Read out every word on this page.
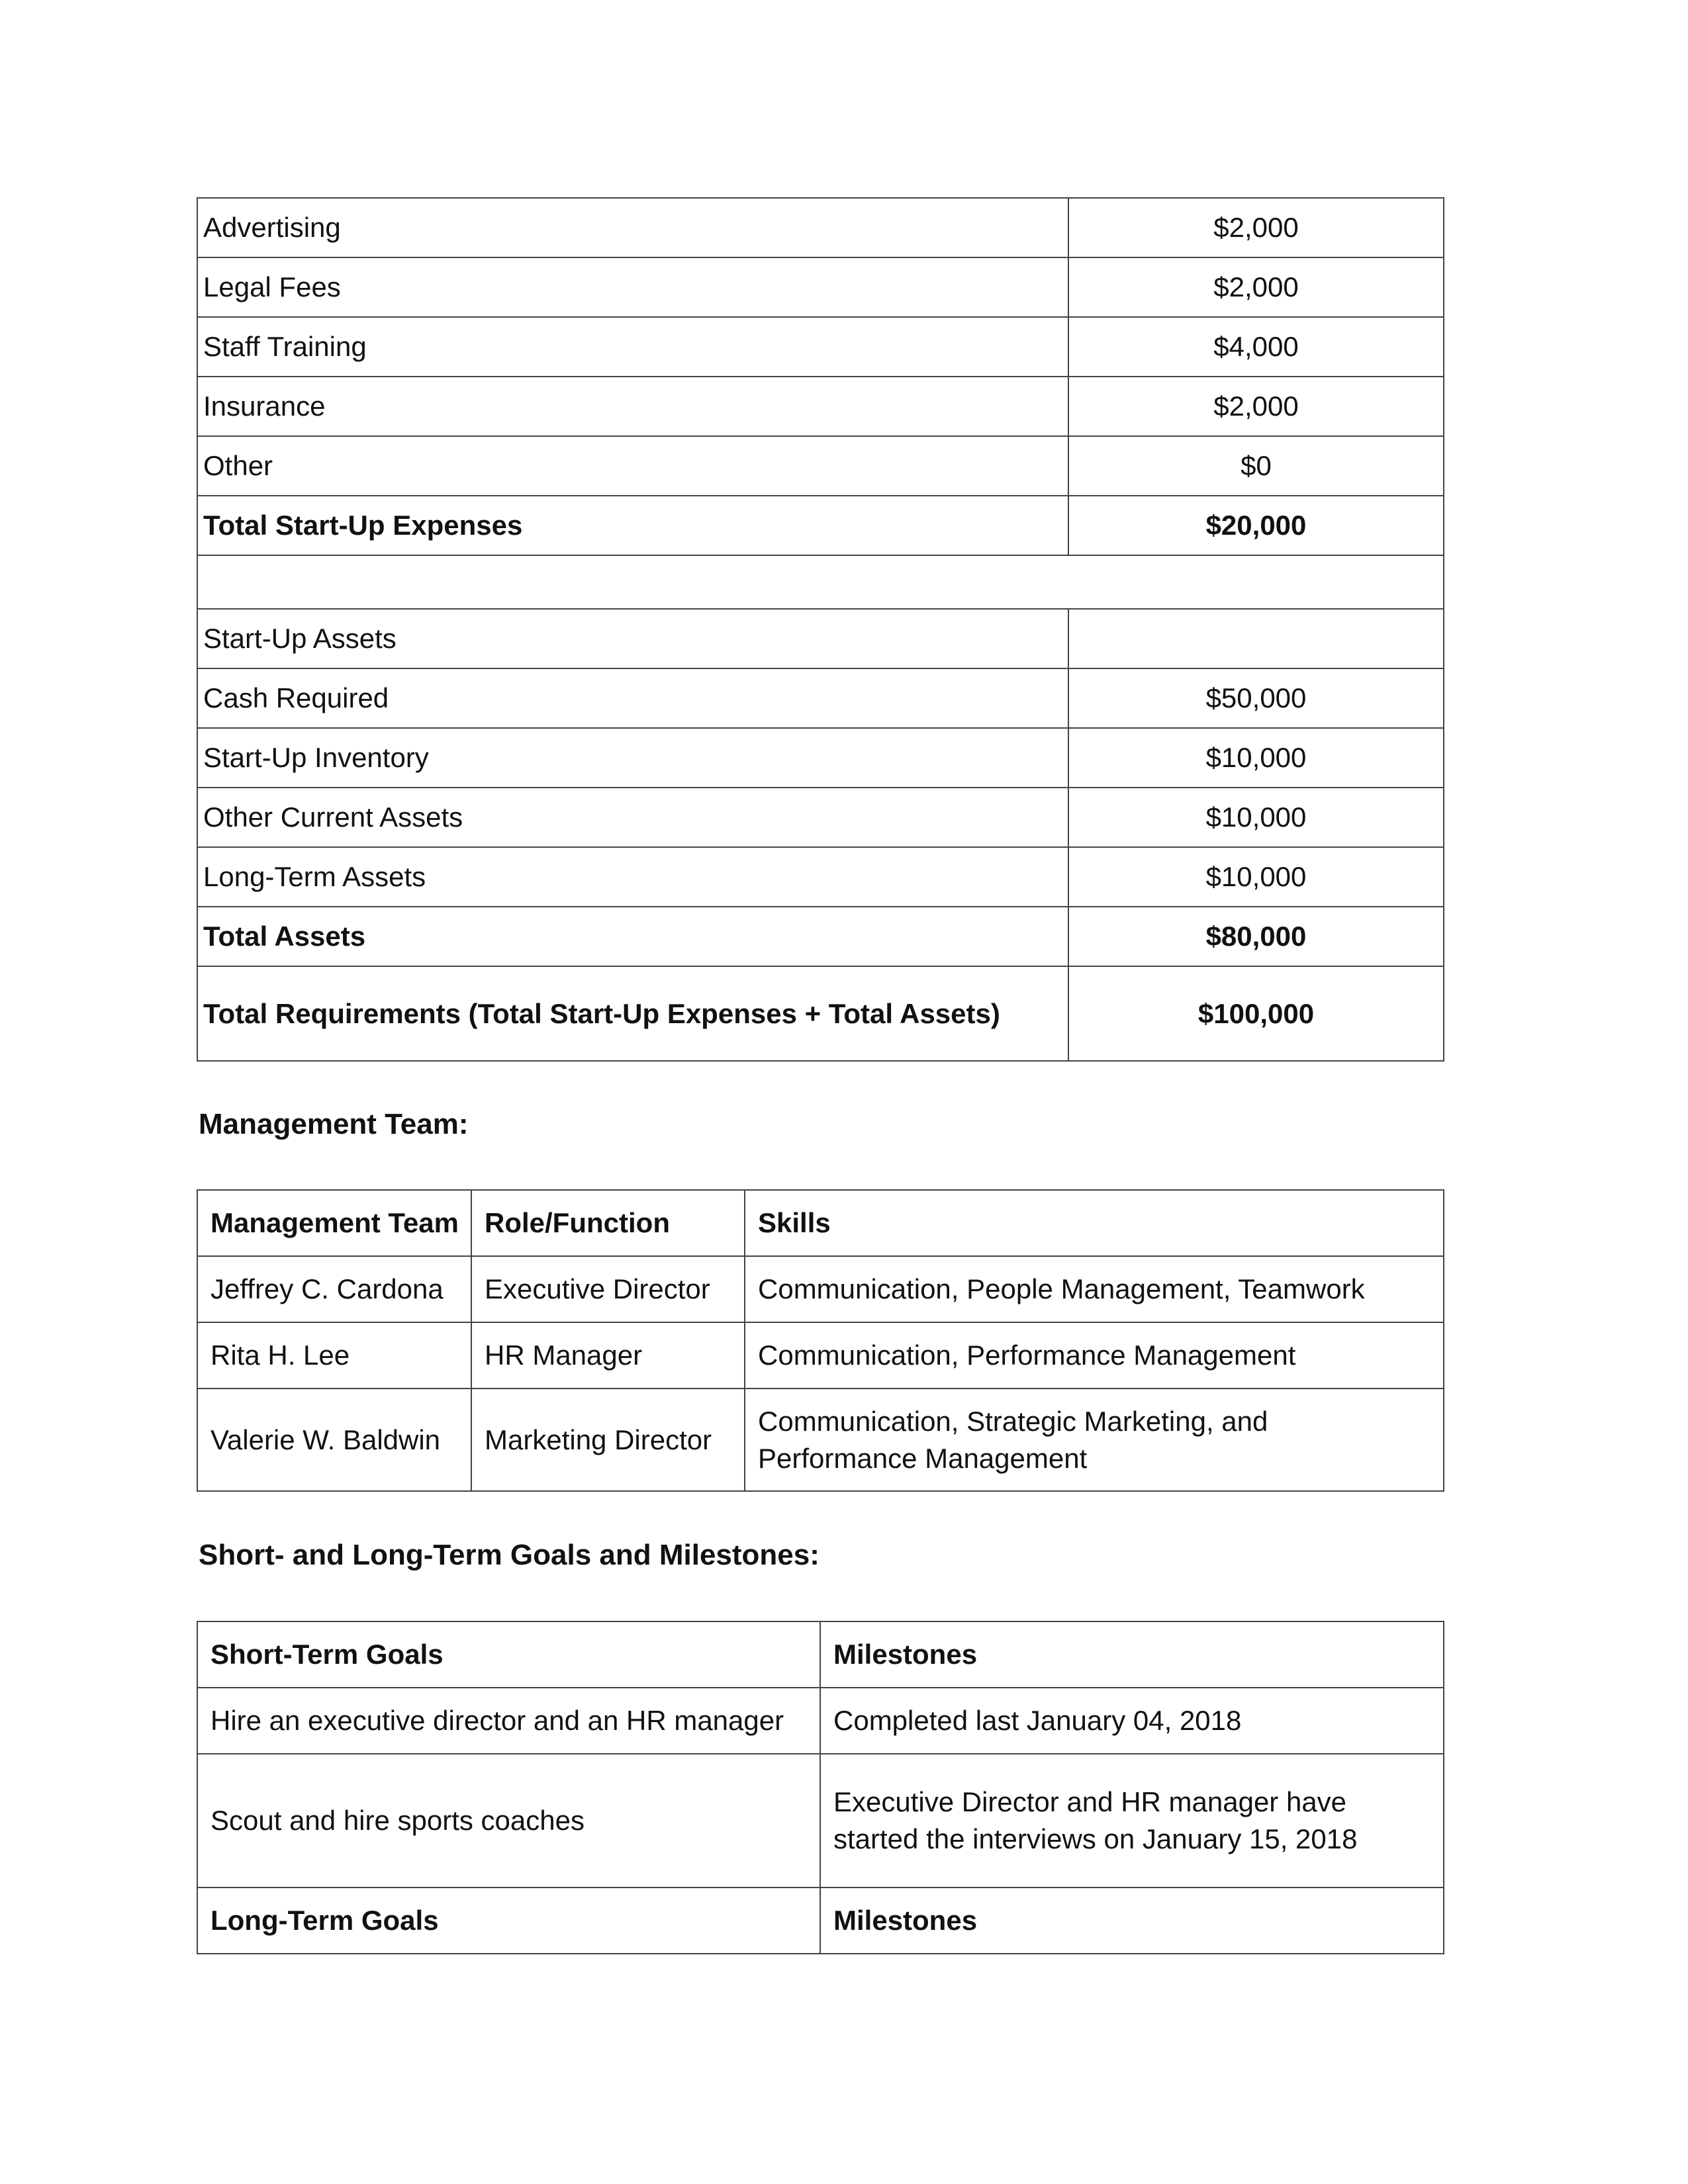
Advertising	$2,000
Legal Fees	$2,000
Staff Training	$4,000
Insurance	$2,000
Other	$0
Total Start-Up Expenses	$20,000

Start-Up Assets	
Cash Required	$50,000
Start-Up Inventory	$10,000
Other Current Assets	$10,000
Long-Term Assets	$10,000
Total Assets	$80,000
Total Requirements (Total Start-Up Expenses + Total Assets)	$100,000

Management Team:

Management Team	Role/Function	Skills
Jeffrey C. Cardona	Executive Director	Communication, People Management, Teamwork
Rita H. Lee	HR Manager	Communication, Performance Management
Valerie W. Baldwin	Marketing Director	Communication, Strategic Marketing, and
Performance Management

Short- and Long-Term Goals and Milestones:

Short-Term Goals	Milestones
Hire an executive director and an HR manager	Completed last January 04, 2018
Scout and hire sports coaches	Executive Director and HR manager have
started the interviews on January 15, 2018

Long-Term Goals	Milestones
